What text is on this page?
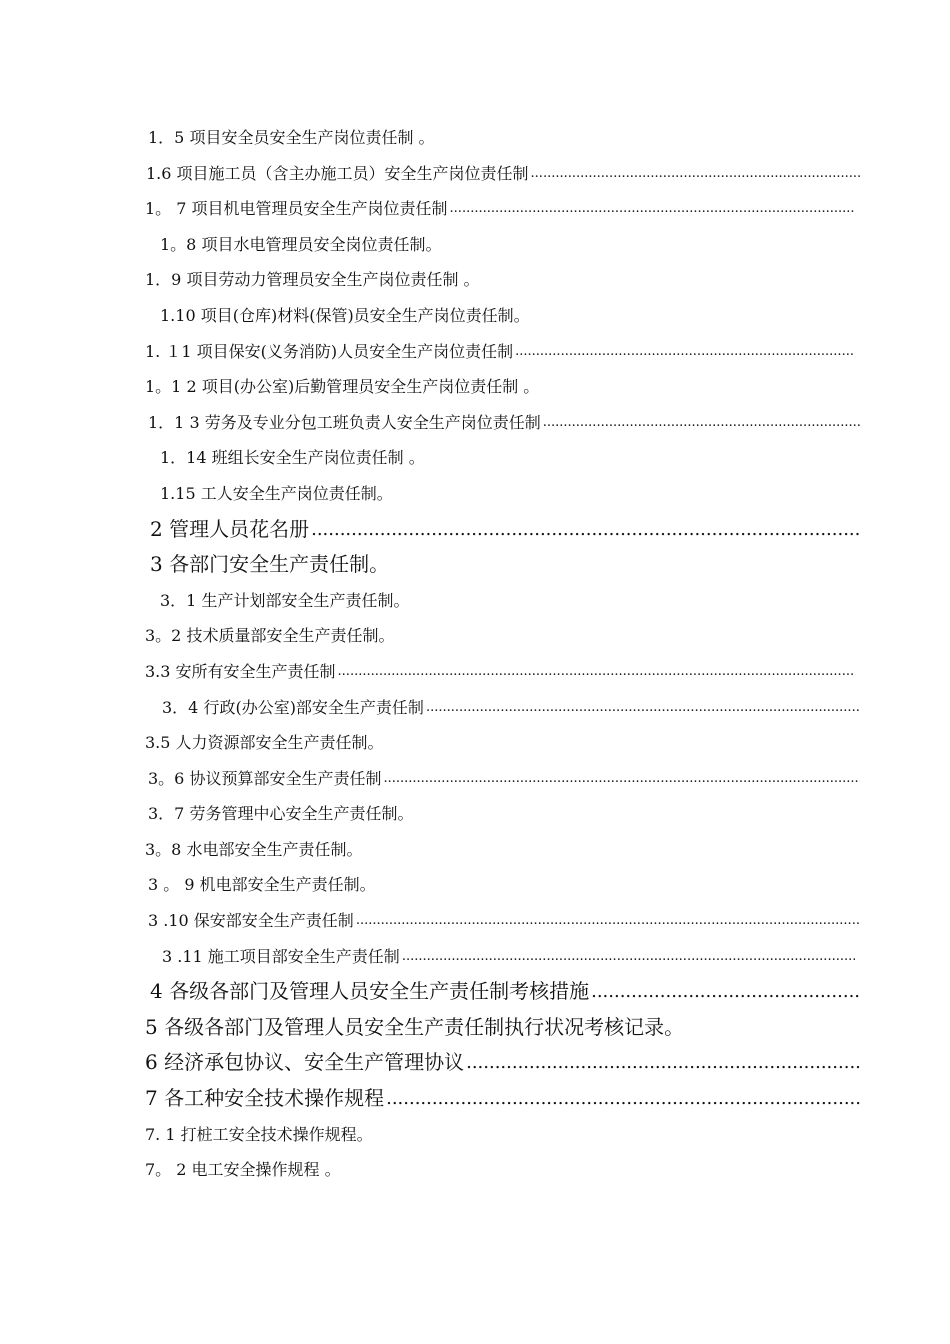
1．5 项目安全员安全生产岗位责任制 。
1.6 项目施工员（含主办施工员）安全生产岗位责任制
.....
1。 7 项目机电管理员安全生产岗位责任制
.....
1。8 项目水电管理员安全岗位责任制。
1．9 项目劳动力管理员安全生产岗位责任制 。
1.10 项目(仓库)材料(保管)员安全生产岗位责任制。
1. １1 项目保安(义务消防)人员安全生产岗位责任制
.....
1。1 2 项目(办公室)后勤管理员安全生产岗位责任制 。
1．1 3 劳务及专业分包工班负责人安全生产岗位责任制
.....
1．14 班组长安全生产岗位责任制 。
1.15 工人安全生产岗位责任制。
2 管理人员花名册
.....
3 各部门安全生产责任制。
3．1 生产计划部安全生产责任制。
3。2 技术质量部安全生产责任制。
3.3 安所有安全生产责任制
.....
3．4 行政(办公室)部安全生产责任制
.....
3.5 人力资源部安全生产责任制。
3。6 协议预算部安全生产责任制
.....
3．7 劳务管理中心安全生产责任制。
3。8 水电部安全生产责任制。
3 。 9 机电部安全生产责任制。
3 .10 保安部安全生产责任制
.....
3 .11 施工项目部安全生产责任制
.....
4 各级各部门及管理人员安全生产责任制考核措施
.....
5 各级各部门及管理人员安全生产责任制执行状况考核记录。
6 经济承包协议、安全生产管理协议
.....
7 各工种安全技术操作规程
.....
7. 1 打桩工安全技术操作规程。
7。 2 电工安全操作规程 。
